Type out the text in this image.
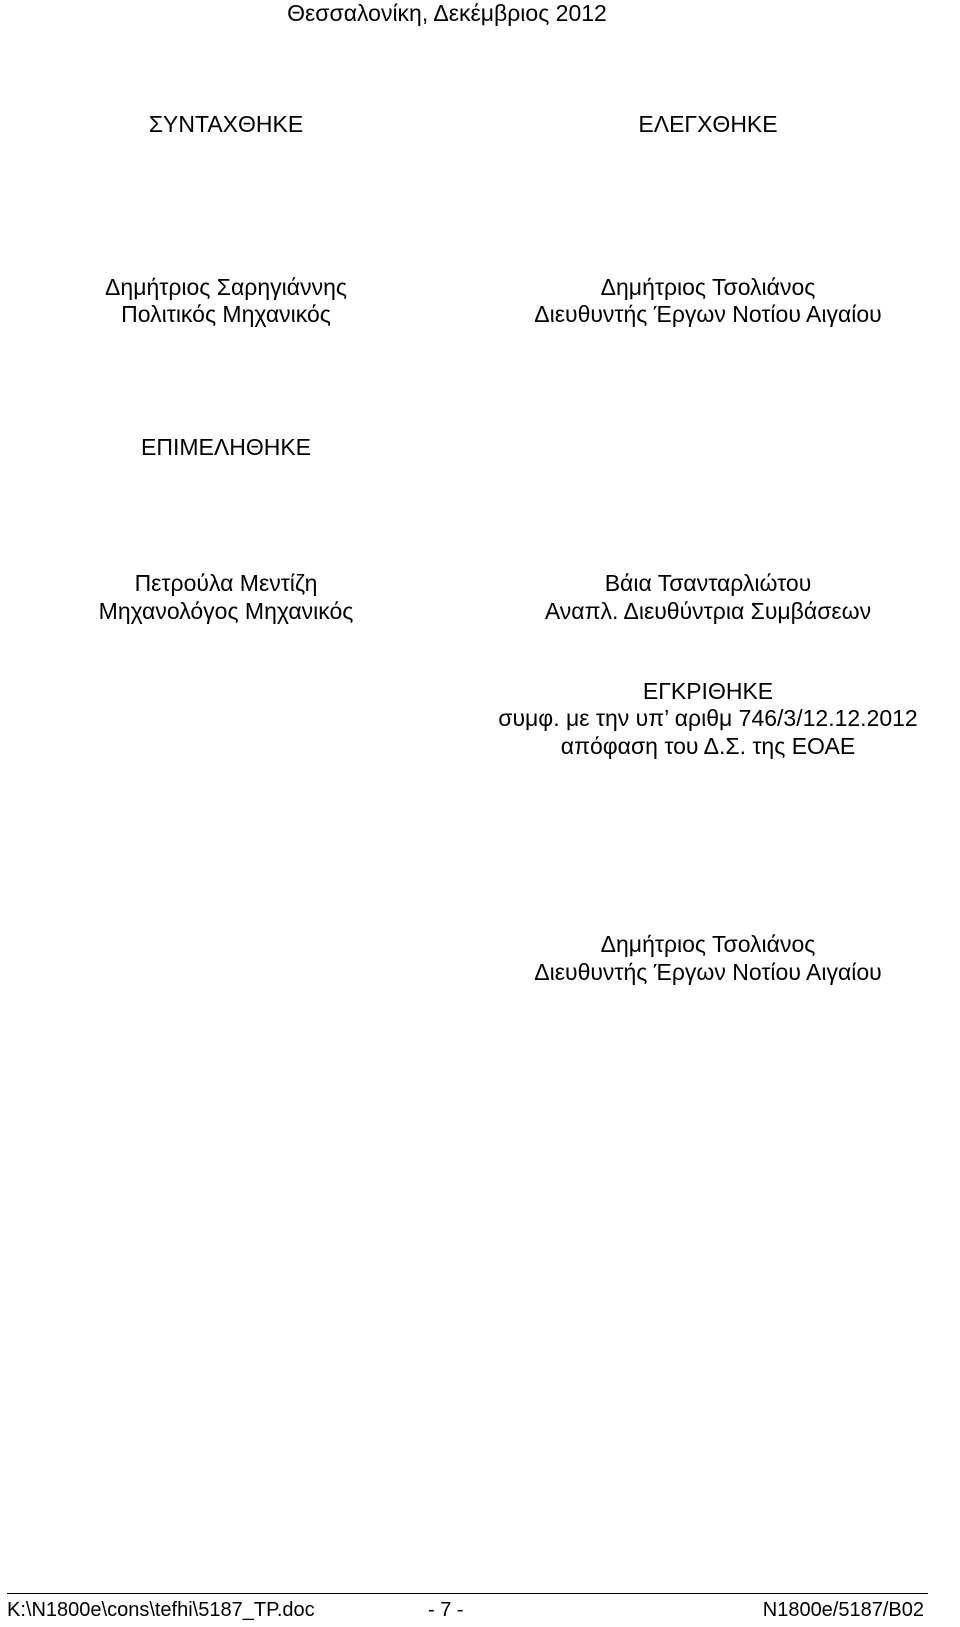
Θεσσαλονίκη, Δεκέμβριος 2012
ΣΥΝΤΑΧΘΗΚΕ	ΕΛΕΓΧΘΗΚΕ
Δημήτριος Σαρηγιάννης
Πολιτικός Μηχανικός
Δημήτριος Τσολιάνος
Διευθυντής Έργων Νοτίου Αιγαίου
ΕΠΙΜΕΛΗΘΗΚΕ
Πετρούλα Μεντίζη
Μηχανολόγος Μηχανικός
Βάια Τσανταρλιώτου
Αναπλ. Διευθύντρια Συμβάσεων
ΕΓΚΡΙΘΗΚΕ
συμφ. με την υπ’ αριθμ 746/3/12.12.2012
απόφαση του Δ.Σ. της ΕΟΑΕ
Δημήτριος Τσολιάνος
Διευθυντής Έργων Νοτίου Αιγαίου
K:\N1800e\cons\tefhi\5187_TP.doc	- 7 -	N1800e/5187/B02
